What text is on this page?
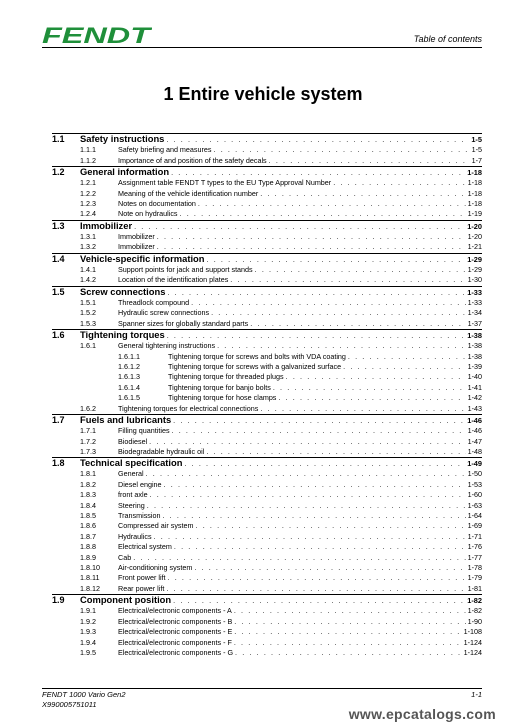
FENDT	Table of contents
1 Entire vehicle system
1.1	Safety instructions . . .	1-5
1.1.1	Safety briefing and measures . . .	1-5
1.1.2	Importance of and position of the safety decals . . .	1-7
1.2	General information . . .	1-18
1.2.1	Assignment table FENDT T types to the EU Type Approval Number . . .	1-18
1.2.2	Meaning of the vehicle identification number . . .	1-18
1.2.3	Notes on documentation . . .	1-18
1.2.4	Note on hydraulics . . .	1-19
1.3	Immobilizer . . .	1-20
1.3.1	Immobilizer . . .	1-20
1.3.2	Immobilizer . . .	1-21
1.4	Vehicle-specific information . . .	1-29
1.4.1	Support points for jack and support stands . . .	1-29
1.4.2	Location of the identification plates . . .	1-30
1.5	Screw connections . . .	1-33
1.5.1	Threadlock compound . . .	1-33
1.5.2	Hydraulic screw connections . . .	1-34
1.5.3	Spanner sizes for globally standard parts . . .	1-37
1.6	Tightening torques . . .	1-38
1.6.1	General tightening instructions . . .	1-38
1.6.1.1	Tightening torque for screws and bolts with VDA coating . . .	1-38
1.6.1.2	Tightening torque for screws with a galvanized surface . . .	1-39
1.6.1.3	Tightening torque for threaded plugs . . .	1-40
1.6.1.4	Tightening torque for banjo bolts . . .	1-41
1.6.1.5	Tightening torque for hose clamps . . .	1-42
1.6.2	Tightening torques for electrical connections . . .	1-43
1.7	Fuels and lubricants . . .	1-46
1.7.1	Filling quantities . . .	1-46
1.7.2	Biodiesel . . .	1-47
1.7.3	Biodegradable hydraulic oil . . .	1-48
1.8	Technical specification . . .	1-49
1.8.1	General . . .	1-50
1.8.2	Diesel engine . . .	1-53
1.8.3	front axle . . .	1-60
1.8.4	Steering . . .	1-63
1.8.5	Transmission . . .	1-64
1.8.6	Compressed air system . . .	1-69
1.8.7	Hydraulics . . .	1-71
1.8.8	Electrical system . . .	1-76
1.8.9	Cab . . .	1-77
1.8.10	Air-conditioning system . . .	1-78
1.8.11	Front power lift . . .	1-79
1.8.12	Rear power lift . . .	1-81
1.9	Component position . . .	1-82
1.9.1	Electrical/electronic components - A . . .	1-82
1.9.2	Electrical/electronic components - B . . .	1-90
1.9.3	Electrical/electronic components - E . . .	1-108
1.9.4	Electrical/electronic components - F . . .	1-124
1.9.5	Electrical/electronic components - G . . .	1-124
FENDT 1000 Vario Gen2
X990005751011
1-1
www.epcatalogs.com
